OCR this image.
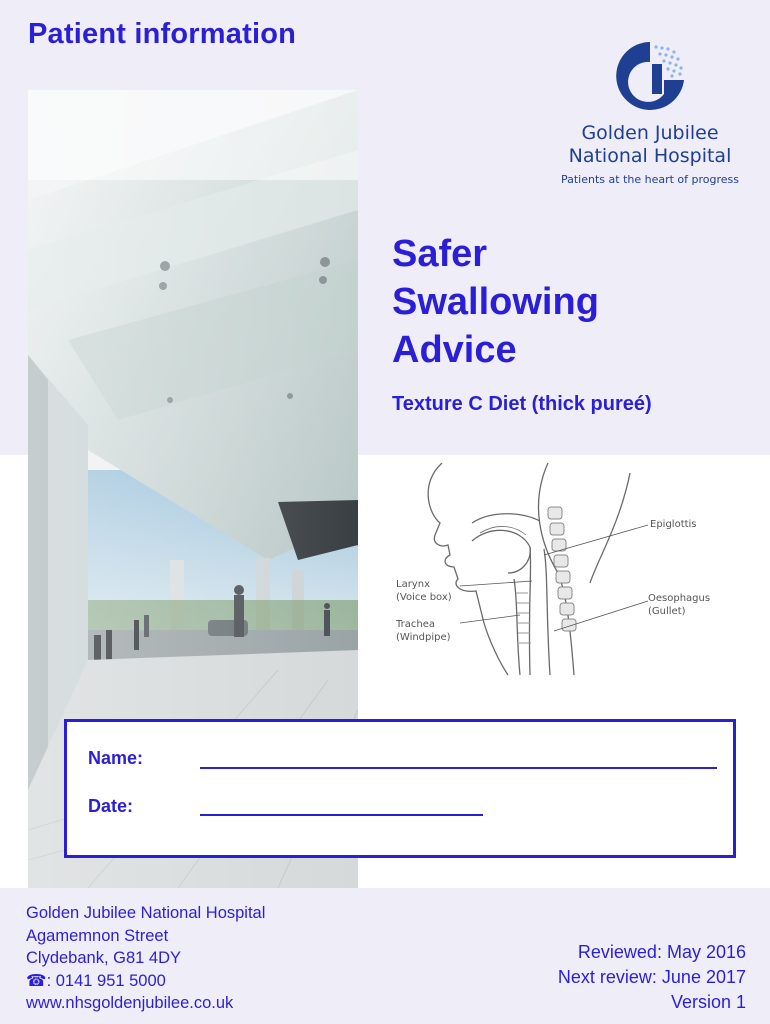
Patient information
Golden Jubilee
National Hospital
Patients at the heart of progress
Safer
Swallowing
Advice
Texture C Diet (thick pureé)
Epiglottis
Larynx
(Voice box)	Oesophagus
(Gullet)
Trachea
(Windpipe)
Name:
Date:
Golden Jubilee National Hospital
Agamemnon Street
Clydebank, G81 4DY
☎: 0141 951 5000
www.nhsgoldenjubilee.co.uk
Reviewed: May 2016
Next review: June 2017
Version 1
